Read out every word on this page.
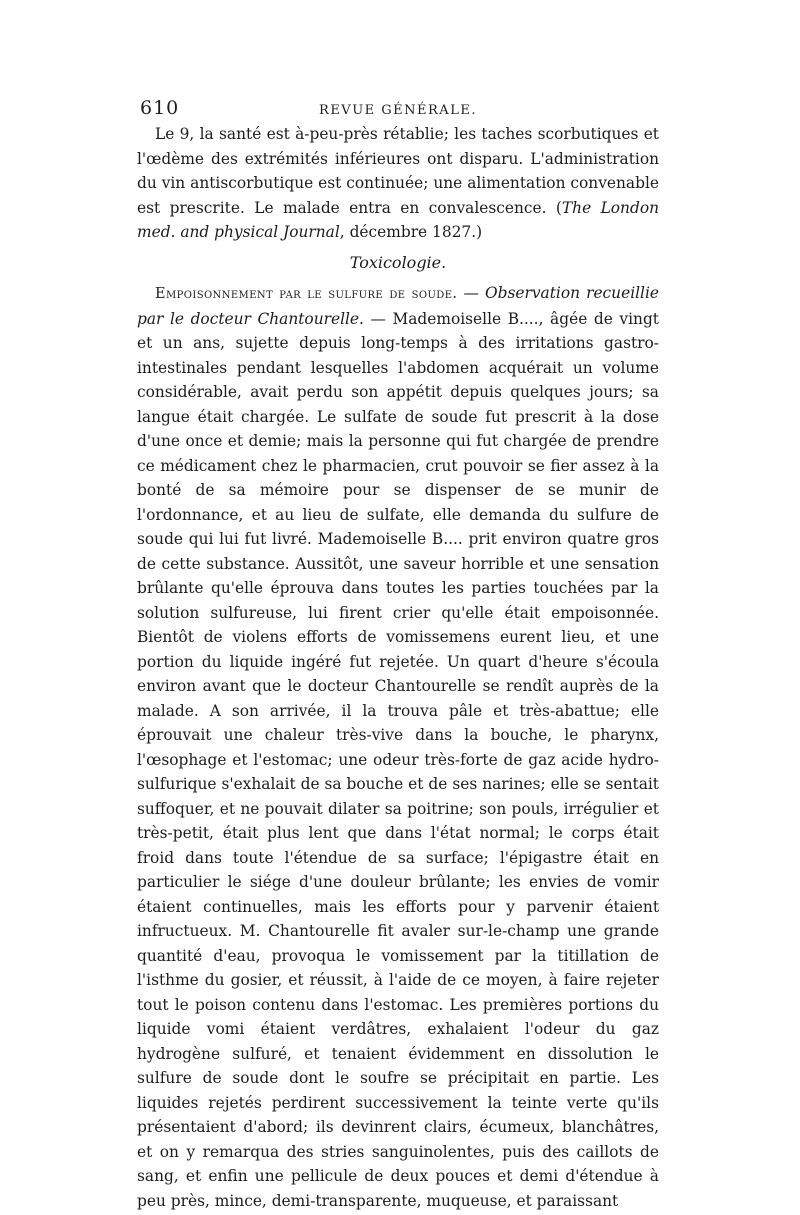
610	REVUE GÉNÉRALE.

Le 9, la santé est à-peu-près rétablie; les taches scorbutiques et l'œdème des extrémités inférieures ont disparu. L'administration du vin antiscorbutique est continuée; une alimentation convenable est prescrite. Le malade entra en convalescence. (The London med. and physical Journal, décembre 1827.)

Toxicologie.

Empoisonnement par le sulfure de soude. — Observation recueillie par le docteur Chantourelle. — Mademoiselle B...., âgée de vingt et un ans, sujette depuis long-temps à des irritations gastro-intestinales pendant lesquelles l'abdomen acquérait un volume considérable, avait perdu son appétit depuis quelques jours; sa langue était chargée. Le sulfate de soude fut prescrit à la dose d'une once et demie; mais la personne qui fut chargée de prendre ce médicament chez le pharmacien, crut pouvoir se fier assez à la bonté de sa mémoire pour se dispenser de se munir de l'ordonnance, et au lieu de sulfate, elle demanda du sulfure de soude qui lui fut livré. Mademoiselle B.... prit environ quatre gros de cette substance. Aussitôt, une saveur horrible et une sensation brûlante qu'elle éprouva dans toutes les parties touchées par la solution sulfureuse, lui firent crier qu'elle était empoisonnée. Bientôt de violens efforts de vomissemens eurent lieu, et une portion du liquide ingéré fut rejetée. Un quart d'heure s'écoula environ avant que le docteur Chantourelle se rendît auprès de la malade. A son arrivée, il la trouva pâle et très-abattue; elle éprouvait une chaleur très-vive dans la bouche, le pharynx, l'œsophage et l'estomac; une odeur très-forte de gaz acide hydro-sulfurique s'exhalait de sa bouche et de ses narines; elle se sentait suffoquer, et ne pouvait dilater sa poitrine; son pouls, irrégulier et très-petit, était plus lent que dans l'état normal; le corps était froid dans toute l'étendue de sa surface; l'épigastre était en particulier le siége d'une douleur brûlante; les envies de vomir étaient continuelles, mais les efforts pour y parvenir étaient infructueux. M. Chantourelle fit avaler sur-le-champ une grande quantité d'eau, provoqua le vomissement par la titillation de l'isthme du gosier, et réussit, à l'aide de ce moyen, à faire rejeter tout le poison contenu dans l'estomac. Les premières portions du liquide vomi étaient verdâtres, exhalaient l'odeur du gaz hydrogène sulfuré, et tenaient évidemment en dissolution le sulfure de soude dont le soufre se précipitait en partie. Les liquides rejetés perdirent successivement la teinte verte qu'ils présentaient d'abord; ils devinrent clairs, écumeux, blanchâtres, et on y remarqua des stries sanguinolentes, puis des caillots de sang, et enfin une pellicule de deux pouces et demi d'étendue à peu près, mince, demi-transparente, muqueuse, et paraissant
